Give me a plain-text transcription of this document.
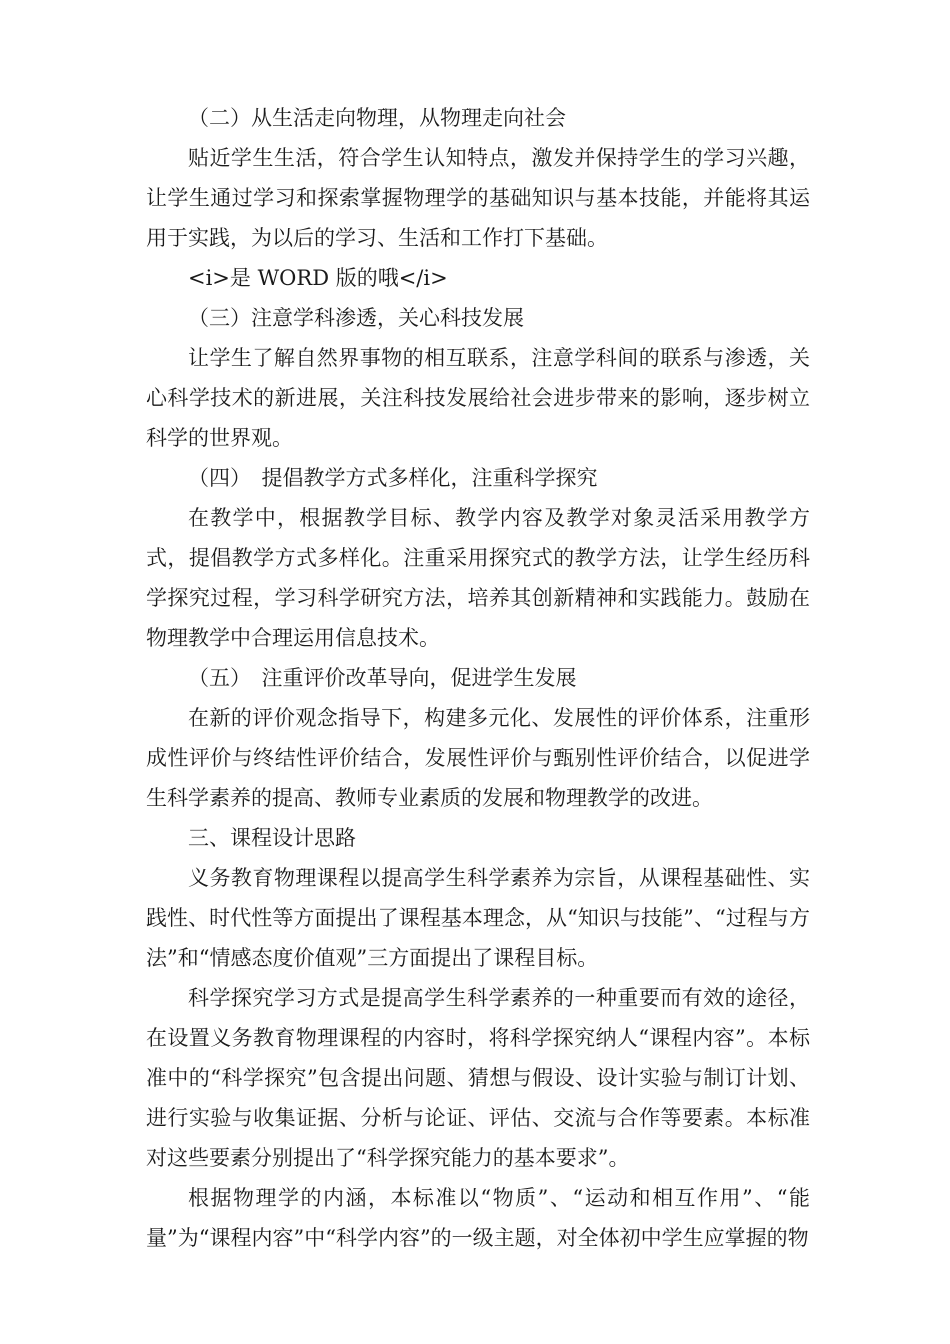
（二）从生活走向物理，从物理走向社会

贴近学生生活，符合学生认知特点，激发并保持学生的学习兴趣，让学生通过学习和探索掌握物理学的基础知识与基本技能，并能将其运用于实践，为以后的学习、生活和工作打下基础。

<i>是 WORD 版的哦</i>

（三）注意学科渗透，关心科技发展

让学生了解自然界事物的相互联系，注意学科间的联系与渗透，关心科学技术的新进展，关注科技发展给社会进步带来的影响，逐步树立科学的世界观。

（四）　提倡教学方式多样化，注重科学探究

在教学中，根据教学目标、教学内容及教学对象灵活采用教学方式，提倡教学方式多样化。注重采用探究式的教学方法，让学生经历科学探究过程，学习科学研究方法，培养其创新精神和实践能力。鼓励在物理教学中合理运用信息技术。

（五）　注重评价改革导向，促进学生发展

在新的评价观念指导下，构建多元化、发展性的评价体系，注重形成性评价与终结性评价结合，发展性评价与甄别性评价结合，以促进学生科学素养的提高、教师专业素质的发展和物理教学的改进。

三、课程设计思路

义务教育物理课程以提高学生科学素养为宗旨，从课程基础性、实践性、时代性等方面提出了课程基本理念，从“知识与技能”、“过程与方法”和“情感态度价值观”三方面提出了课程目标。

科学探究学习方式是提高学生科学素养的一种重要而有效的途径，在设置义务教育物理课程的内容时，将科学探究纳人“课程内容”。本标准中的“科学探究”包含提出问题、猜想与假设、设计实验与制订计划、进行实验与收集证据、分析与论证、评估、交流与合作等要素。本标准对这些要素分别提出了“科学探究能力的基本要求”。

根据物理学的内涵，本标准以“物质”、“运动和相互作用”、“能量”为“课程内容”中“科学内容”的一级主题，对全体初中学生应掌握的物
